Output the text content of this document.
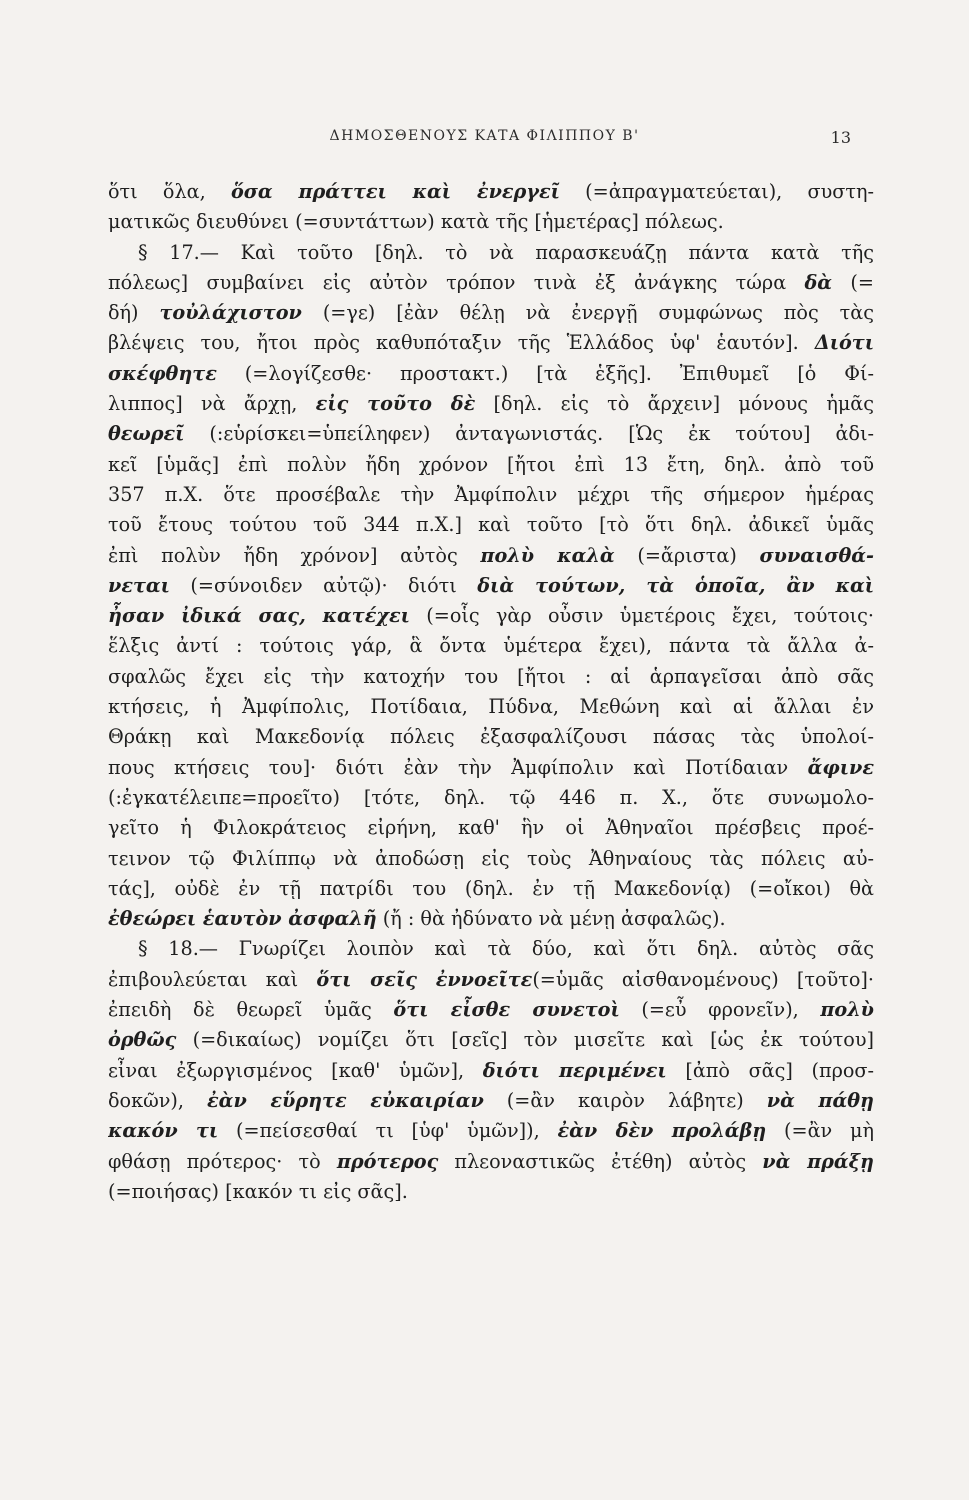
ΔΗΜΟΣΘΕΝΟΥΣ ΚΑΤΑ ΦΙΛΙΠΠΟΥ Β'	13
ὅτι ὅλα, ὅσα πράττει καὶ ἐνεργεῖ (=ἀπραγματεύεται), συστη-
ματικῶς διευθύνει (=συντάττων) κατὰ τῆς [ἡμετέρας] πόλεως.
§ 17.— Καὶ τοῦτο [δηλ. τὸ νὰ παρασκευάζῃ πάντα κατὰ τῆς
πόλεως] συμβαίνει εἰς αὐτὸν τρόπον τινὰ ἐξ ἀνάγκης τώρα δὰ (=
δή) τοὐλάχιστον (=γε) [ἐὰν θέλῃ νὰ ἐνεργῇ συμφώνως πὸς τὰς
βλέψεις του, ἤτοι πρὸς καθυπόταξιν τῆς Ἑλλάδος ὑφ' ἑαυτόν]. Διότι
σκέφθητε (=λογίζεσθε· προστακτ.) [τὰ ἑξῆς]. Ἐπιθυμεῖ [ὁ Φί-
λιππος] νὰ ἄρχῃ, εἰς τοῦτο δὲ [δηλ. εἰς τὸ ἄρχειν] μόνους ἡμᾶς
θεωρεῖ (:εὑρίσκει=ὑπείληφεν) ἀνταγωνιστάς. [Ὡς ἐκ τούτου] ἀδι-
κεῖ [ὑμᾶς] ἐπὶ πολὺν ἤδη χρόνον [ἤτοι ἐπὶ 13 ἔτη, δηλ. ἀπὸ τοῦ
357 π.Χ. ὅτε προσέβαλε τὴν Ἀμφίπολιν μέχρι τῆς σήμερον ἡμέρας
τοῦ ἔτους τούτου τοῦ 344 π.Χ.] καὶ τοῦτο [τὸ ὅτι δηλ. ἀδικεῖ ὑμᾶς
ἐπὶ πολὺν ἤδη χρόνον] αὐτὸς πολὺ καλὰ (=ἄριστα) συναισθά-
νεται (=σύνοιδεν αὐτῷ)· διότι διὰ τούτων, τὰ ὁποῖα, ἂν καὶ
ἦσαν ἰδικά σας, κατέχει (=οἷς γὰρ οὖσιν ὑμετέροις ἔχει, τούτοις·
ἕλξις ἀντί : τούτοις γάρ, ἃ ὄντα ὑμέτερα ἔχει), πάντα τὰ ἄλλα ἀ-
σφαλῶς ἔχει εἰς τὴν κατοχήν του [ἤτοι : αἱ ἁρπαγεῖσαι ἀπὸ σᾶς
κτήσεις, ἡ Ἀμφίπολις, Ποτίδαια, Πύδνα, Μεθώνη καὶ αἱ ἄλλαι ἐν
Θράκῃ καὶ Μακεδονίᾳ πόλεις ἐξασφαλίζουσι πάσας τὰς ὑπολοί-
πους κτήσεις του]· διότι ἐὰν τὴν Ἀμφίπολιν καὶ Ποτίδαιαν ἄφινε
(:ἐγκατέλειπε=προεῖτο) [τότε, δηλ. τῷ 446 π. Χ., ὅτε συνωμολο-
γεῖτο ἡ Φιλοκράτειος εἰρήνη, καθ' ἣν οἱ Ἀθηναῖοι πρέσβεις προέ-
τεινον τῷ Φιλίππῳ νὰ ἀποδώσῃ εἰς τοὺς Ἀθηναίους τὰς πόλεις αὐ-
τάς], οὐδὲ ἐν τῇ πατρίδι του (δηλ. ἐν τῇ Μακεδονίᾳ) (=οἴκοι) θὰ
ἐθεώρει ἑαυτὸν ἀσφαλῆ (ἤ : θὰ ἠδύνατο νὰ μένῃ ἀσφαλῶς).
§ 18.— Γνωρίζει λοιπὸν καὶ τὰ δύο, καὶ ὅτι δηλ. αὐτὸς σᾶς
ἐπιβουλεύεται καὶ ὅτι σεῖς ἐννοεῖτε(=ὑμᾶς αἰσθανομένους) [τοῦτο]·
ἐπειδὴ δὲ θεωρεῖ ὑμᾶς ὅτι εἶσθε συνετοὶ (=εὖ φρονεῖν), πολὺ
ὀρθῶς (=δικαίως) νομίζει ὅτι [σεῖς] τὸν μισεῖτε καὶ [ὡς ἐκ τούτου]
εἶναι ἐξωργισμένος [καθ' ὑμῶν], διότι περιμένει [ἀπὸ σᾶς] (προσ-
δοκῶν), ἐὰν εὕρητε εὐκαιρίαν (=ἂν καιρὸν λάβητε) νὰ πάθῃ
κακόν τι (=πείσεσθαί τι [ὑφ' ὑμῶν]), ἐὰν δὲν προλάβῃ (=ἂν μὴ
φθάσῃ πρότερος· τὸ πρότερος πλεοναστικῶς ἐτέθη) αὐτὸς νὰ πράξῃ
(=ποιήσας) [κακόν τι εἰς σᾶς].
